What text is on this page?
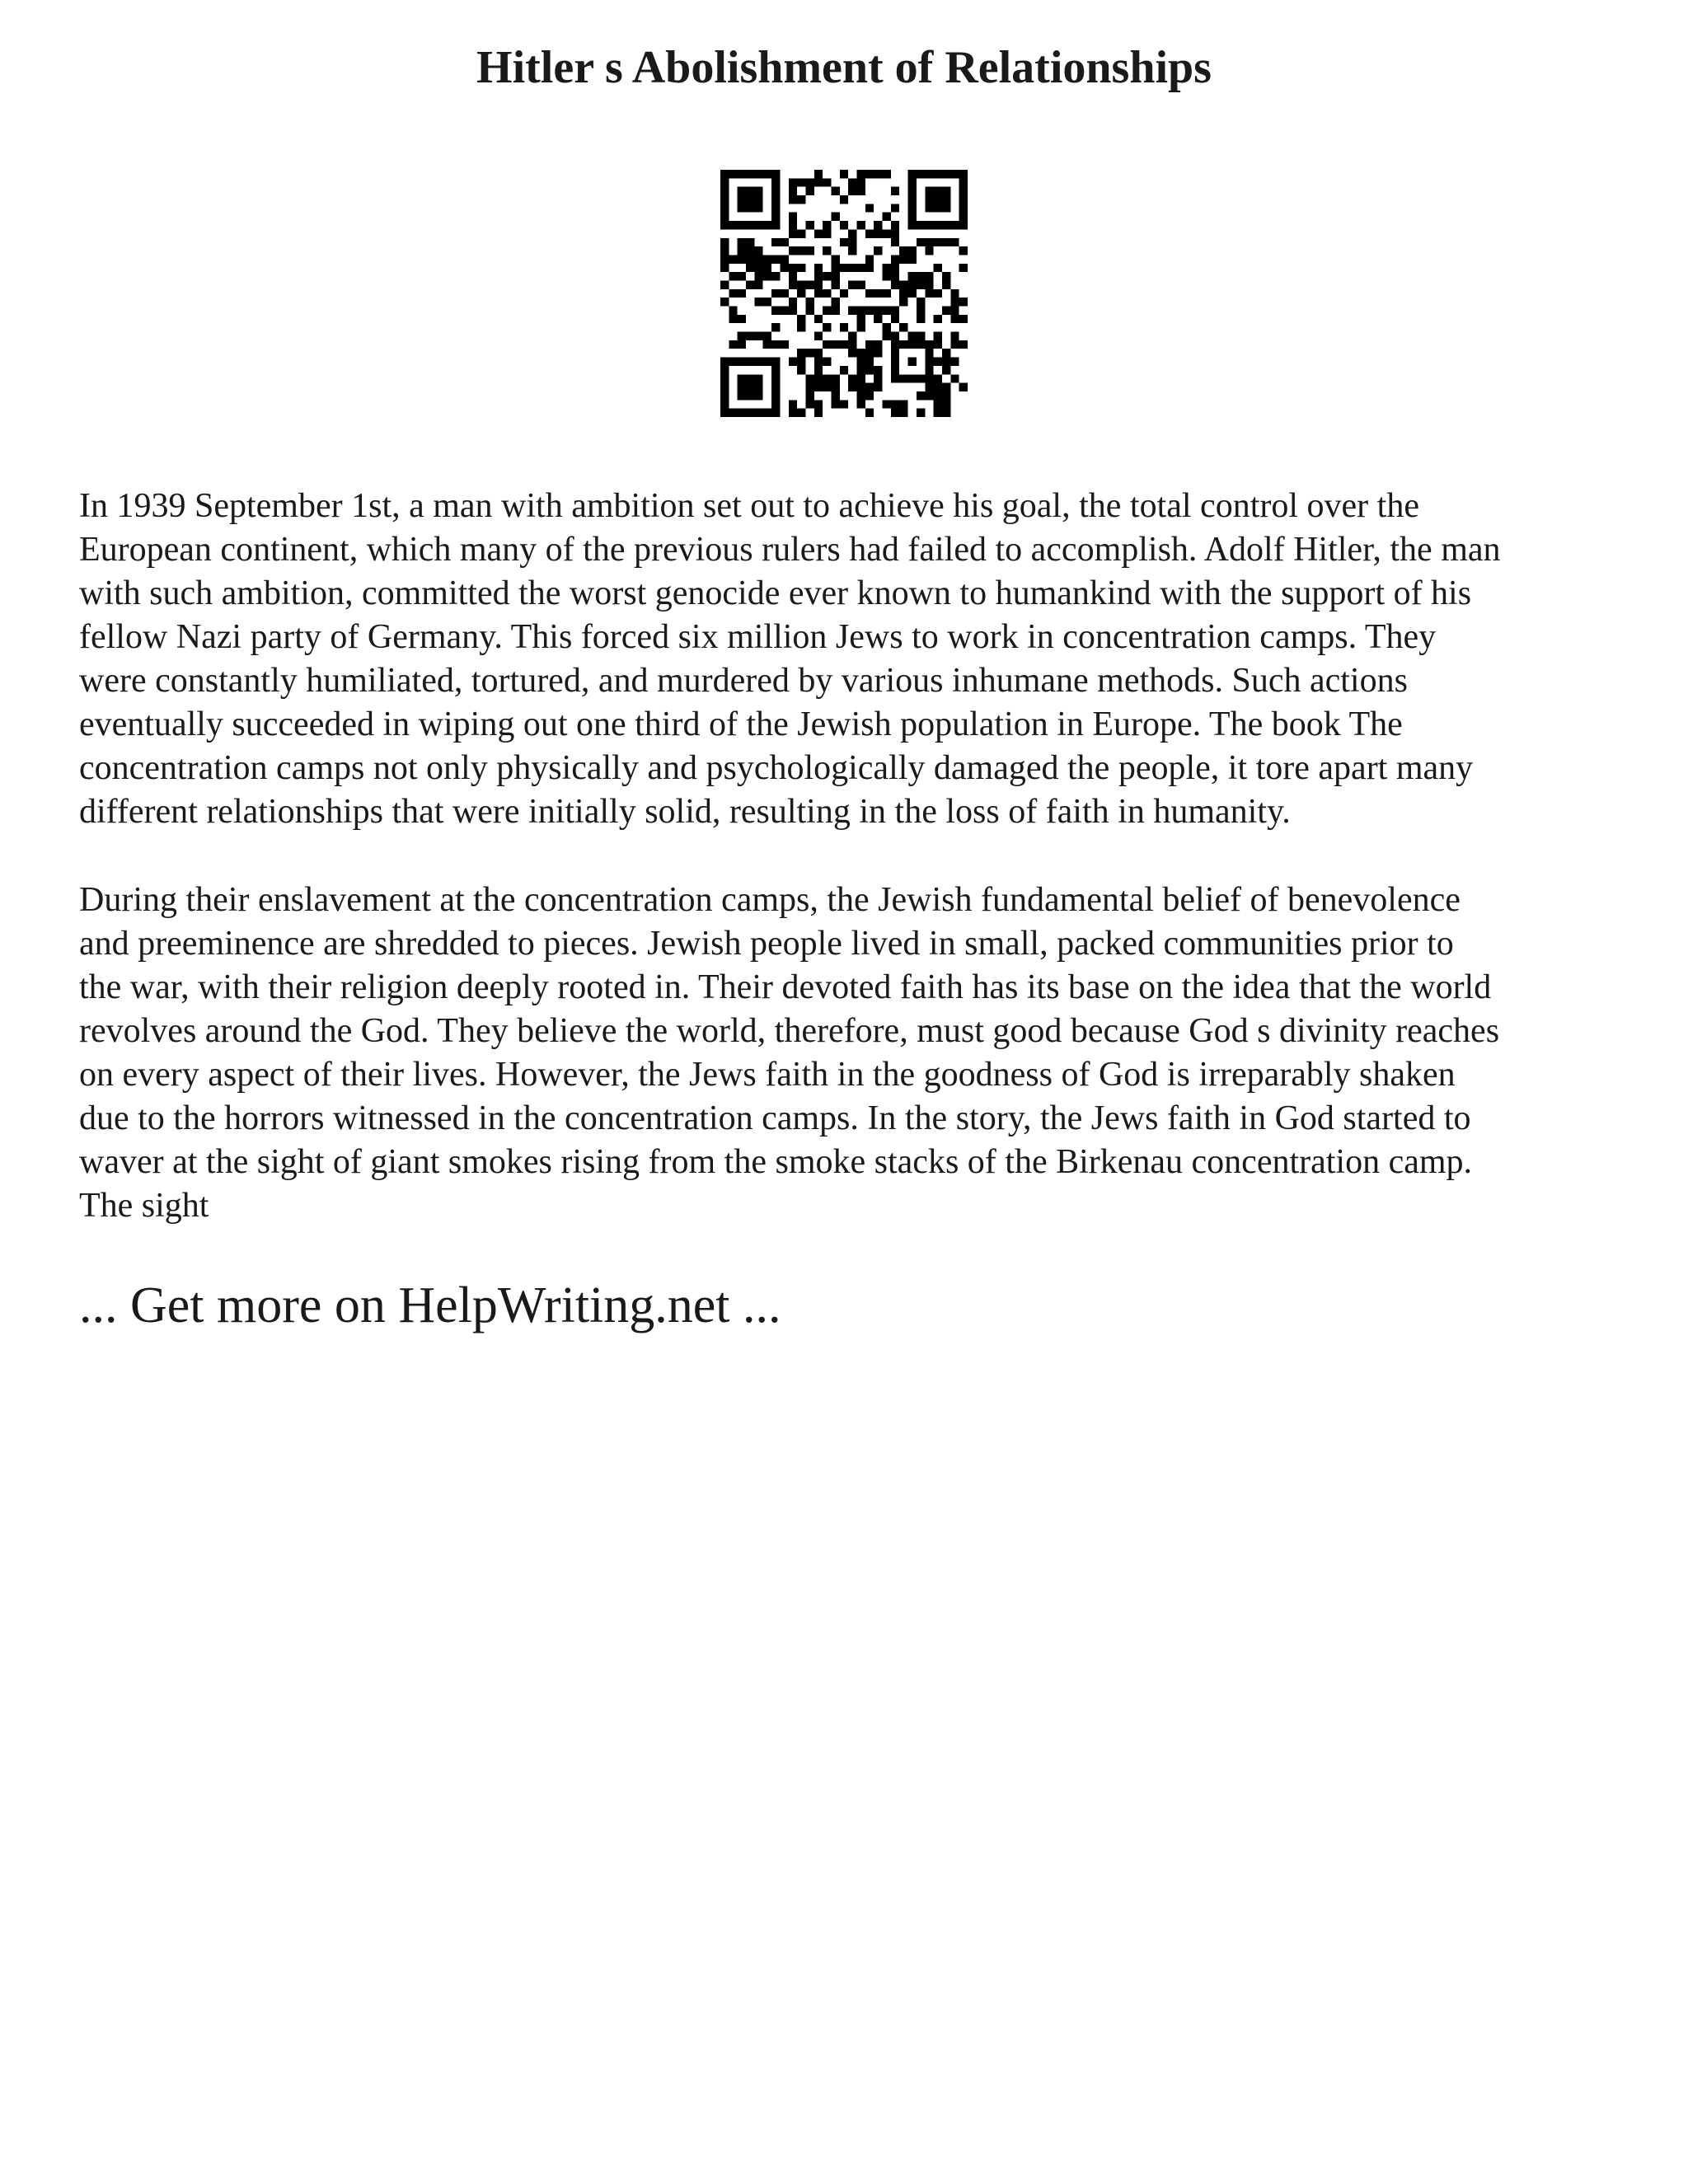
Hitler s Abolishment of Relationships

In 1939 September 1st, a man with ambition set out to achieve his goal, the total control over the
European continent, which many of the previous rulers had failed to accomplish. Adolf Hitler, the man
with such ambition, committed the worst genocide ever known to humankind with the support of his
fellow Nazi party of Germany. This forced six million Jews to work in concentration camps. They
were constantly humiliated, tortured, and murdered by various inhumane methods. Such actions
eventually succeeded in wiping out one third of the Jewish population in Europe. The book The
concentration camps not only physically and psychologically damaged the people, it tore apart many
different relationships that were initially solid, resulting in the loss of faith in humanity.

During their enslavement at the concentration camps, the Jewish fundamental belief of benevolence
and preeminence are shredded to pieces. Jewish people lived in small, packed communities prior to
the war, with their religion deeply rooted in. Their devoted faith has its base on the idea that the world
revolves around the God. They believe the world, therefore, must good because God s divinity reaches
on every aspect of their lives. However, the Jews faith in the goodness of God is irreparably shaken
due to the horrors witnessed in the concentration camps. In the story, the Jews faith in God started to
waver at the sight of giant smokes rising from the smoke stacks of the Birkenau concentration camp.
The sight

... Get more on HelpWriting.net ...
